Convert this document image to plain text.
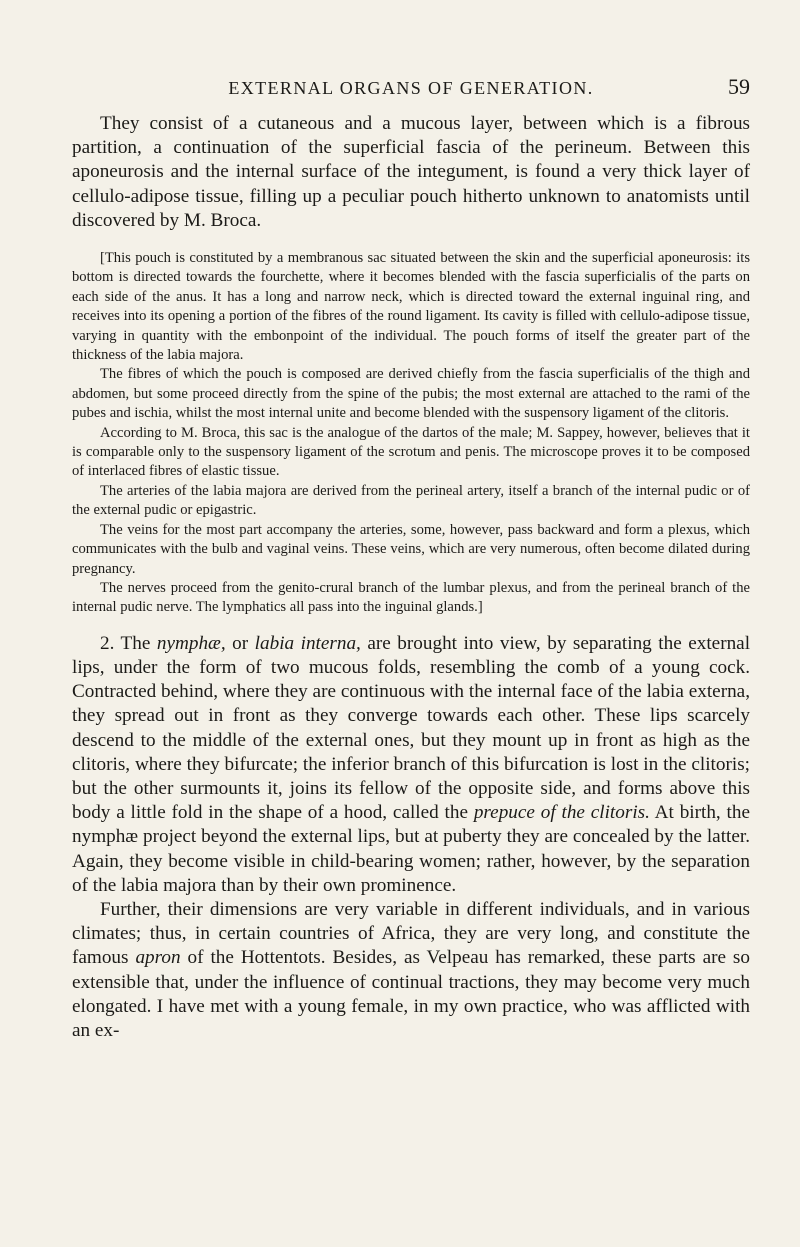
EXTERNAL ORGANS OF GENERATION.	59

They consist of a cutaneous and a mucous layer, between which is a fibrous partition, a continuation of the superficial fascia of the perineum. Between this aponeurosis and the internal surface of the integument, is found a very thick layer of cellulo-adipose tissue, filling up a peculiar pouch hitherto unknown to anatomists until discovered by M. Broca.

[This pouch is constituted by a membranous sac situated between the skin and the superficial aponeurosis: its bottom is directed towards the fourchette, where it becomes blended with the fascia superficialis of the parts on each side of the anus. It has a long and narrow neck, which is directed toward the external inguinal ring, and receives into its opening a portion of the fibres of the round ligament. Its cavity is filled with cellulo-adipose tissue, varying in quantity with the embonpoint of the individual. The pouch forms of itself the greater part of the thickness of the labia majora.

The fibres of which the pouch is composed are derived chiefly from the fascia superficialis of the thigh and abdomen, but some proceed directly from the spine of the pubis; the most external are attached to the rami of the pubes and ischia, whilst the most internal unite and become blended with the suspensory ligament of the clitoris.

According to M. Broca, this sac is the analogue of the dartos of the male; M. Sappey, however, believes that it is comparable only to the suspensory ligament of the scrotum and penis. The microscope proves it to be composed of interlaced fibres of elastic tissue.

The arteries of the labia majora are derived from the perineal artery, itself a branch of the internal pudic or of the external pudic or epigastric.

The veins for the most part accompany the arteries, some, however, pass backward and form a plexus, which communicates with the bulb and vaginal veins. These veins, which are very numerous, often become dilated during pregnancy.

The nerves proceed from the genito-crural branch of the lumbar plexus, and from the perineal branch of the internal pudic nerve. The lymphatics all pass into the inguinal glands.]

2. The nymphæ, or labia interna, are brought into view, by separating the external lips, under the form of two mucous folds, resembling the comb of a young cock. Contracted behind, where they are continuous with the internal face of the labia externa, they spread out in front as they converge towards each other. These lips scarcely descend to the middle of the external ones, but they mount up in front as high as the clitoris, where they bifurcate; the inferior branch of this bifurcation is lost in the clitoris; but the other surmounts it, joins its fellow of the opposite side, and forms above this body a little fold in the shape of a hood, called the prepuce of the clitoris. At birth, the nymphæ project beyond the external lips, but at puberty they are concealed by the latter. Again, they become visible in child-bearing women; rather, however, by the separation of the labia majora than by their own prominence.

Further, their dimensions are very variable in different individuals, and in various climates; thus, in certain countries of Africa, they are very long, and constitute the famous apron of the Hottentots. Besides, as Velpeau has remarked, these parts are so extensible that, under the influence of continual tractions, they may become very much elongated. I have met with a young female, in my own practice, who was afflicted with an ex-
